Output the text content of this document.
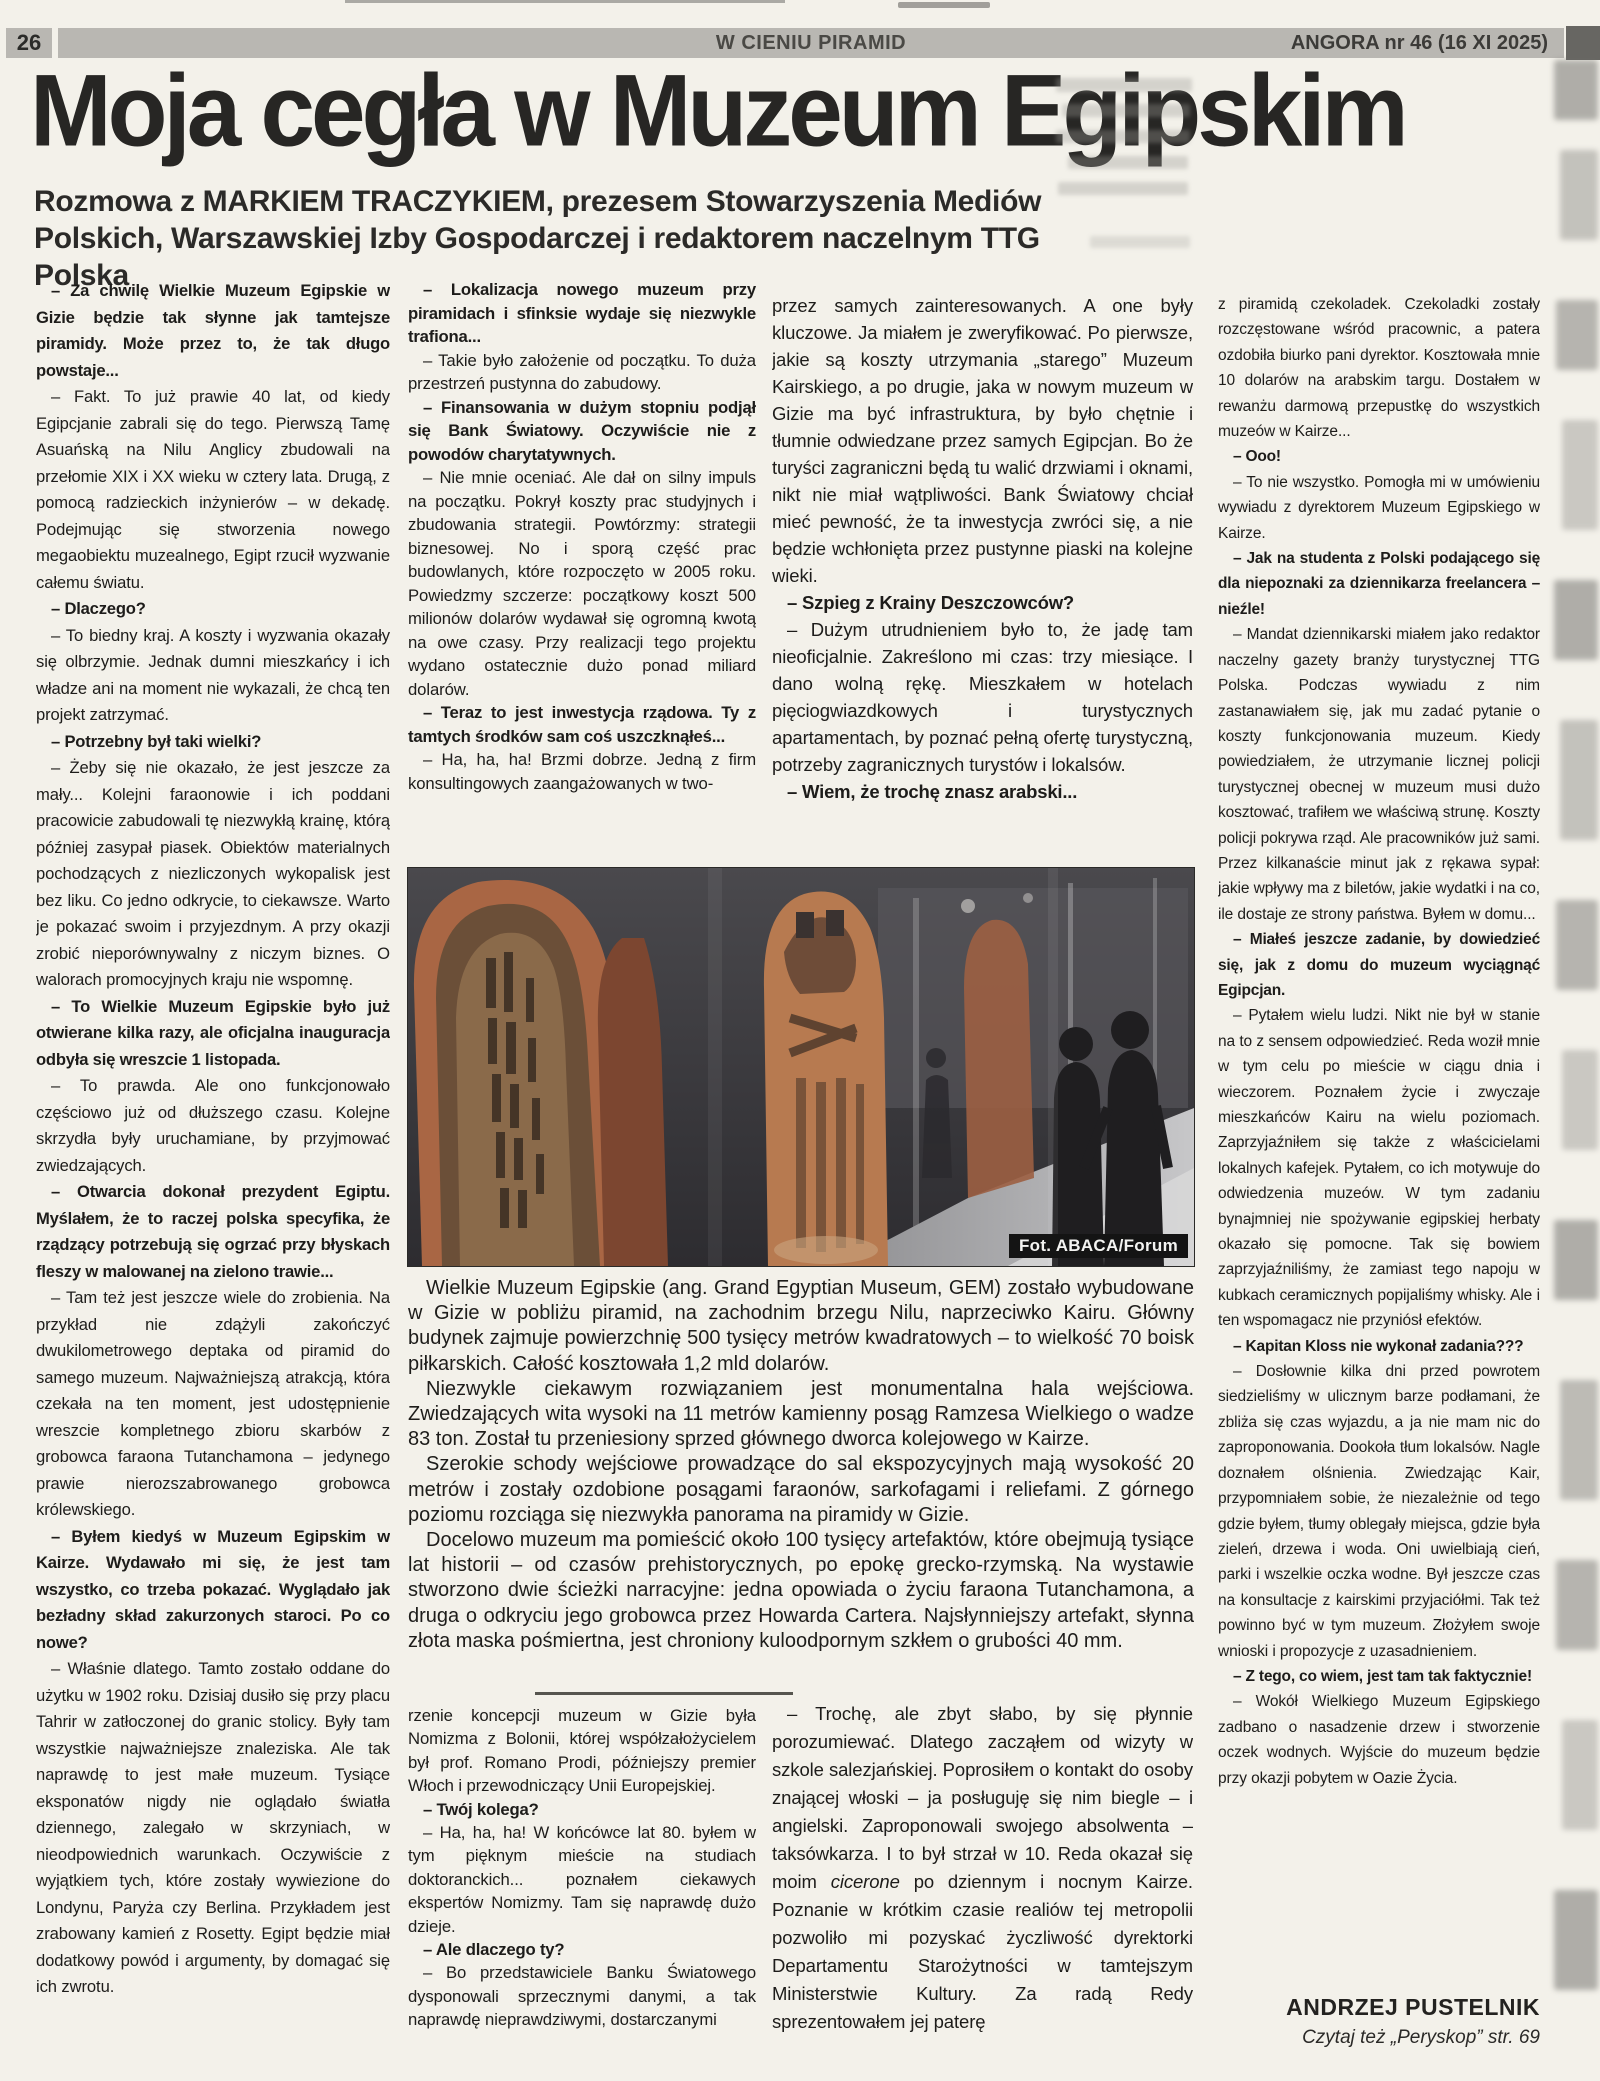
26	W CIENIU PIRAMID	ANGORA nr 46 (16 XI 2025)
Moja cegła w Muzeum Egipskim
Rozmowa z MARKIEM TRACZYKIEM, prezesem Stowarzyszenia Mediów Polskich, Warszawskiej Izby Gospodarczej i redaktorem naczelnym TTG Polska

– Za chwilę Wielkie Muzeum Egipskie w Gizie będzie tak słynne jak tamtejsze piramidy. Może przez to, że tak długo powstaje...

– Fakt. To już prawie 40 lat, od kiedy Egipcjanie zabrali się do tego. Pierwszą Tamę Asuańską na Nilu Anglicy zbudowali na przełomie XIX i XX wieku w cztery lata. Drugą, z pomocą radzieckich inżynierów – w dekadę. Podejmując się stworzenia nowego megaobiektu muzealnego, Egipt rzucił wyzwanie całemu światu.

– Dlaczego?

– To biedny kraj. A koszty i wyzwania okazały się olbrzymie. Jednak dumni mieszkańcy i ich władze ani na moment nie wykazali, że chcą ten projekt zatrzymać.

– Potrzebny był taki wielki?

– Żeby się nie okazało, że jest jeszcze za mały... Kolejni faraonowie i ich poddani pracowicie zabudowali tę niezwykłą krainę, którą później zasypał piasek. Obiektów materialnych pochodzących z niezliczonych wykopalisk jest bez liku. Co jedno odkrycie, to ciekawsze. Warto je pokazać swoim i przyjezdnym. A przy okazji zrobić nieporównywalny z niczym biznes. O walorach promocyjnych kraju nie wspomnę.

– To Wielkie Muzeum Egipskie było już otwierane kilka razy, ale oficjalna inauguracja odbyła się wreszcie 1 listopada.

– To prawda. Ale ono funkcjonowało częściowo już od dłuższego czasu. Kolejne skrzydła były uruchamiane, by przyjmować zwiedzających.

– Otwarcia dokonał prezydent Egiptu. Myślałem, że to raczej polska specyfika, że rządzący potrzebują się ogrzać przy błyskach fleszy w malowanej na zielono trawie...

– Tam też jest jeszcze wiele do zrobienia. Na przykład nie zdążyli zakończyć dwukilometrowego deptaka od piramid do samego muzeum. Najważniejszą atrakcją, która czekała na ten moment, jest udostępnienie wreszcie kompletnego zbioru skarbów z grobowca faraona Tutanchamona – jedynego prawie nierozszabrowanego grobowca królewskiego.

– Byłem kiedyś w Muzeum Egipskim w Kairze. Wydawało mi się, że jest tam wszystko, co trzeba pokazać. Wyglądało jak bezładny skład zakurzonych staroci. Po co nowe?

– Właśnie dlatego. Tamto zostało oddane do użytku w 1902 roku. Dzisiaj dusiło się przy placu Tahrir w zatłoczonej do granic stolicy. Były tam wszystkie najważniejsze znaleziska. Ale tak naprawdę to jest małe muzeum. Tysiące eksponatów nigdy nie oglądało światła dziennego, zalegało w skrzyniach, w nieodpowiednich warunkach. Oczywiście z wyjątkiem tych, które zostały wywiezione do Londynu, Paryża czy Berlina. Przykładem jest zrabowany kamień z Rosetty. Egipt będzie miał dodatkowy powód i argumenty, by domagać się ich zwrotu.

– Lokalizacja nowego muzeum przy piramidach i sfinksie wydaje się niezwykle trafiona...

– Takie było założenie od początku. To duża przestrzeń pustynna do zabudowy.

– Finansowania w dużym stopniu podjął się Bank Światowy. Oczywiście nie z powodów charytatywnych.

– Nie mnie oceniać. Ale dał on silny impuls na początku. Pokrył koszty prac studyjnych i zbudowania strategii. Powtórzmy: strategii biznesowej. No i sporą część prac budowlanych, które rozpoczęto w 2005 roku. Powiedzmy szczerze: początkowy koszt 500 milionów dolarów wydawał się ogromną kwotą na owe czasy. Przy realizacji tego projektu wydano ostatecznie dużo ponad miliard dolarów.

– Teraz to jest inwestycja rządowa. Ty z tamtych środków sam coś uszczknąłeś...

– Ha, ha, ha! Brzmi dobrze. Jedną z firm konsultingowych zaangażowanych w two-

przez samych zainteresowanych. A one były kluczowe. Ja miałem je zweryfikować. Po pierwsze, jakie są koszty utrzymania „starego” Muzeum Kairskiego, a po drugie, jaka w nowym muzeum w Gizie ma być infrastruktura, by było chętnie i tłumnie odwiedzane przez samych Egipcjan. Bo że turyści zagraniczni będą tu walić drzwiami i oknami, nikt nie miał wątpliwości. Bank Światowy chciał mieć pewność, że ta inwestycja zwróci się, a nie będzie wchłonięta przez pustynne piaski na kolejne wieki.

– Szpieg z Krainy Deszczowców?

– Dużym utrudnieniem było to, że jadę tam nieoficjalnie. Zakreślono mi czas: trzy miesiące. I dano wolną rękę. Mieszkałem w hotelach pięciogwiazdkowych i turystycznych apartamentach, by poznać pełną ofertę turystyczną, potrzeby zagranicznych turystów i lokalsów.

– Wiem, że trochę znasz arabski...

rzenie koncepcji muzeum w Gizie była Nomizma z Bolonii, której współzałożycielem był prof. Romano Prodi, późniejszy premier Włoch i przewodniczący Unii Europejskiej.

– Twój kolega?

– Ha, ha, ha! W końcówce lat 80. byłem w tym pięknym mieście na studiach doktoranckich... poznałem ciekawych ekspertów Nomizmy. Tam się naprawdę dużo dzieje.

– Ale dlaczego ty?

– Bo przedstawiciele Banku Światowego dysponowali sprzecznymi danymi, a tak naprawdę nieprawdziwymi, dostarczanymi

– Trochę, ale zbyt słabo, by się płynnie porozumiewać. Dlatego zacząłem od wizyty w szkole salezjańskiej. Poprosiłem o kontakt do osoby znającej włoski – ja posługuję się nim biegle – i angielski. Zaproponowali swojego absolwenta – taksówkarza. I to był strzał w 10. Reda okazał się moim cicerone po dziennym i nocnym Kairze. Poznanie w krótkim czasie realiów tej metropolii pozwoliło mi pozyskać życzliwość dyrektorki Departamentu Starożytności w tamtejszym Ministerstwie Kultury. Za radą Redy sprezentowałem jej paterę

z piramidą czekoladek. Czekoladki zostały rozczęstowane wśród pracownic, a patera ozdobiła biurko pani dyrektor. Kosztowała mnie 10 dolarów na arabskim targu. Dostałem w rewanżu darmową przepustkę do wszystkich muzeów w Kairze...

– Ooo!

– To nie wszystko. Pomogła mi w umówieniu wywiadu z dyrektorem Muzeum Egipskiego w Kairze.

– Jak na studenta z Polski podającego się dla niepoznaki za dziennikarza freelancera – nieźle!

– Mandat dziennikarski miałem jako redaktor naczelny gazety branży turystycznej TTG Polska. Podczas wywiadu z nim zastanawiałem się, jak mu zadać pytanie o koszty funkcjonowania muzeum. Kiedy powiedziałem, że utrzymanie licznej policji turystycznej obecnej w muzeum musi dużo kosztować, trafiłem we właściwą strunę. Koszty policji pokrywa rząd. Ale pracowników już sami. Przez kilkanaście minut jak z rękawa sypał: jakie wpływy ma z biletów, jakie wydatki i na co, ile dostaje ze strony państwa. Byłem w domu...

– Miałeś jeszcze zadanie, by dowiedzieć się, jak z domu do muzeum wyciągnąć Egipcjan.

– Pytałem wielu ludzi. Nikt nie był w stanie na to z sensem odpowiedzieć. Reda woził mnie w tym celu po mieście w ciągu dnia i wieczorem. Poznałem życie i zwyczaje mieszkańców Kairu na wielu poziomach. Zaprzyjaźniłem się także z właścicielami lokalnych kafejek. Pytałem, co ich motywuje do odwiedzenia muzeów. W tym zadaniu bynajmniej nie spożywanie egipskiej herbaty okazało się pomocne. Tak się bowiem zaprzyjaźniliśmy, że zamiast tego napoju w kubkach ceramicznych popijaliśmy whisky. Ale i ten wspomagacz nie przyniósł efektów.

– Kapitan Kloss nie wykonał zadania???

– Dosłownie kilka dni przed powrotem siedzieliśmy w ulicznym barze podłamani, że zbliża się czas wyjazdu, a ja nie mam nic do zaproponowania. Dookoła tłum lokalsów. Nagle doznałem olśnienia. Zwiedzając Kair, przypomniałem sobie, że niezależnie od tego gdzie byłem, tłumy oblegały miejsca, gdzie była zieleń, drzewa i woda. Oni uwielbiają cień, parki i wszelkie oczka wodne. Był jeszcze czas na konsultacje z kairskimi przyjaciółmi. Tak też powinno być w tym muzeum. Złożyłem swoje wnioski i propozycje z uzasadnieniem.

– Z tego, co wiem, jest tam tak faktycznie!

– Wokół Wielkiego Muzeum Egipskiego zadbano o nasadzenie drzew i stworzenie oczek wodnych. Wyjście do muzeum będzie przy okazji pobytem w Oazie Życia.

Fot. ABACA/Forum

Wielkie Muzeum Egipskie (ang. Grand Egyptian Museum, GEM) zostało wybudowane w Gizie w pobliżu piramid, na zachodnim brzegu Nilu, naprzeciwko Kairu. Główny budynek zajmuje powierzchnię 500 tysięcy metrów kwadratowych – to wielkość 70 boisk piłkarskich. Całość kosztowała 1,2 mld dolarów.

Niezwykle ciekawym rozwiązaniem jest monumentalna hala wejściowa. Zwiedzających wita wysoki na 11 metrów kamienny posąg Ramzesa Wielkiego o wadze 83 ton. Został tu przeniesiony sprzed głównego dworca kolejowego w Kairze.

Szerokie schody wejściowe prowadzące do sal ekspozycyjnych mają wysokość 20 metrów i zostały ozdobione posągami faraonów, sarkofagami i reliefami. Z górnego poziomu rozciąga się niezwykła panorama na piramidy w Gizie.

Docelowo muzeum ma pomieścić około 100 tysięcy artefaktów, które obejmują tysiące lat historii – od czasów prehistorycznych, po epokę grecko-rzymską. Na wystawie stworzono dwie ścieżki narracyjne: jedna opowiada o życiu faraona Tutanchamona, a druga o odkryciu jego grobowca przez Howarda Cartera. Najsłynniejszy artefakt, słynna złota maska pośmiertna, jest chroniony kuloodpornym szkłem o grubości 40 mm.

ANDRZEJ PUSTELNIK
Czytaj też „Peryskop” str. 69
